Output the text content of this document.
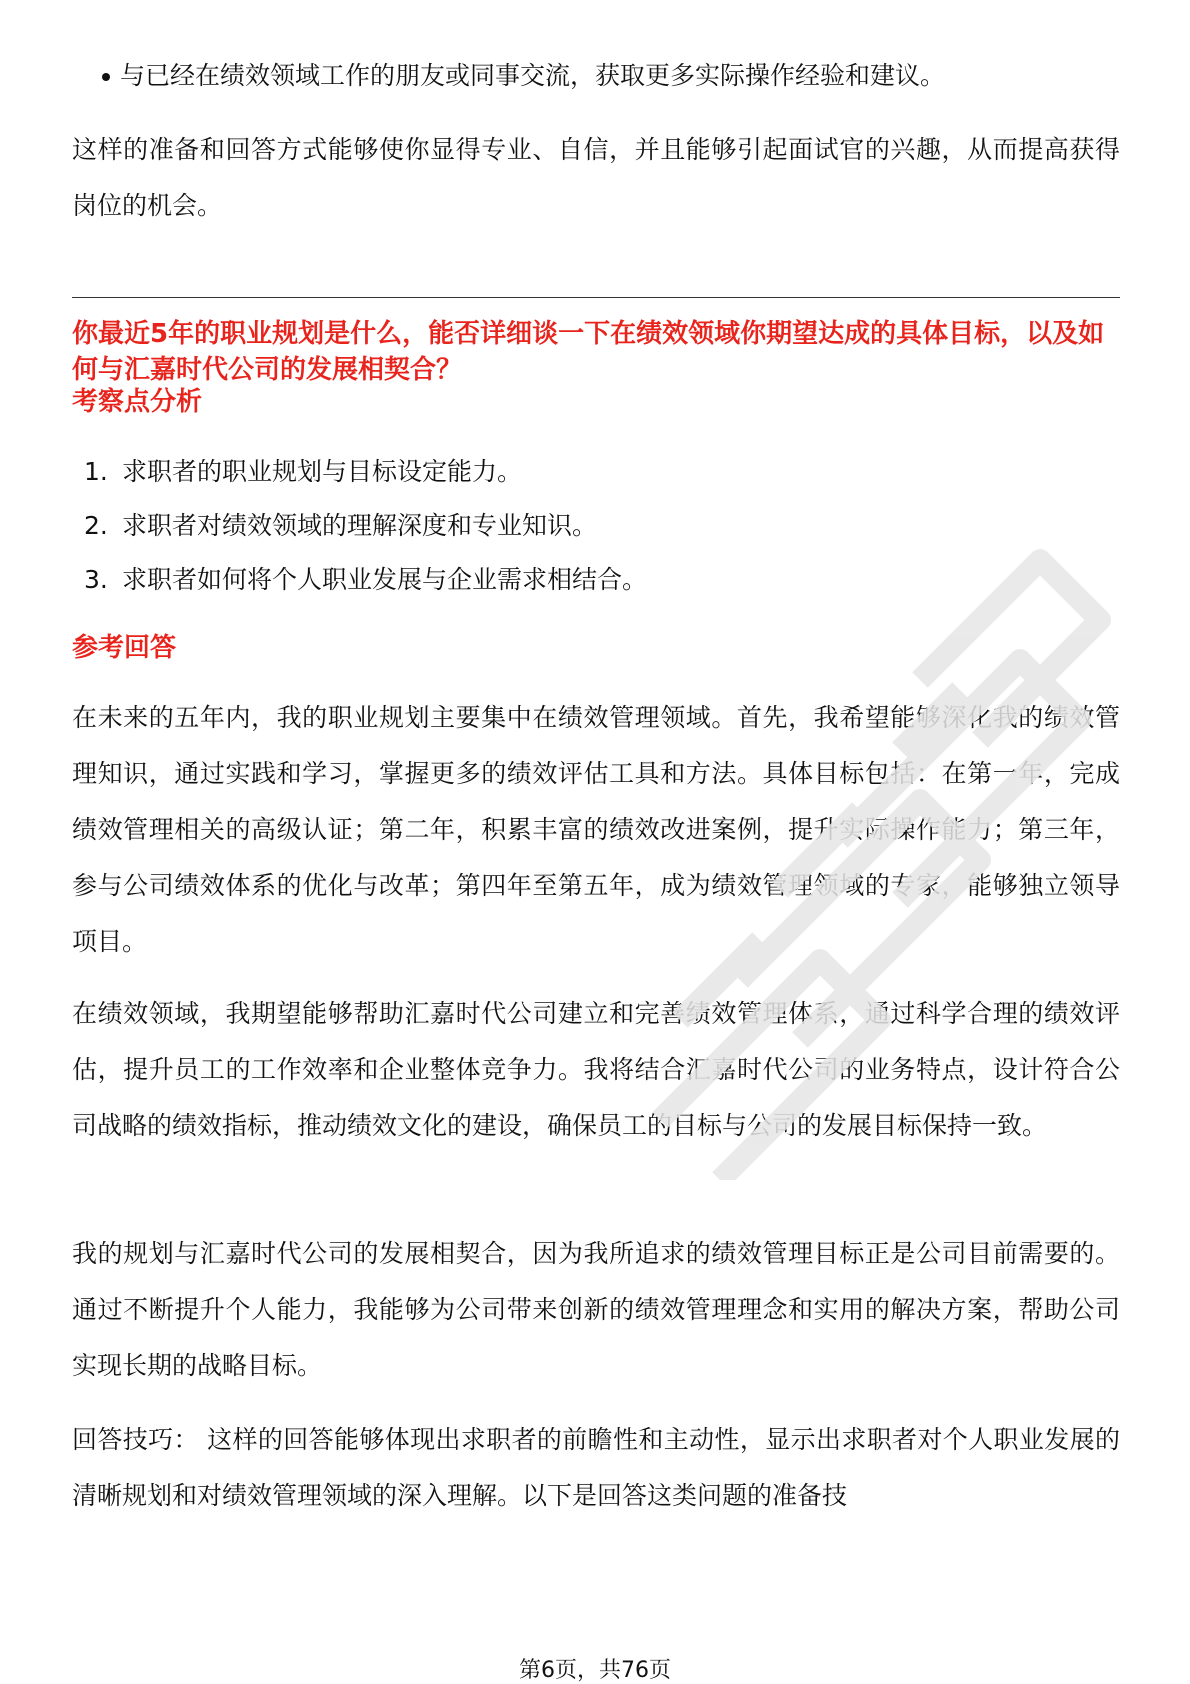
与已经在绩效领域工作的朋友或同事交流，获取更多实际操作经验和建议。
这样的准备和回答方式能够使你显得专业、自信，并且能够引起面试官的兴趣，从而提高获得岗位的机会。
你最近5年的职业规划是什么，能否详细谈一下在绩效领域你期望达成的具体目标，以及如何与汇嘉时代公司的发展相契合？
考察点分析
1. 求职者的职业规划与目标设定能力。
2. 求职者对绩效领域的理解深度和专业知识。
3. 求职者如何将个人职业发展与企业需求相结合。
参考回答
在未来的五年内，我的职业规划主要集中在绩效管理领域。首先，我希望能够深化我的绩效管理知识，通过实践和学习，掌握更多的绩效评估工具和方法。具体目标包括：在第一年，完成绩效管理相关的高级认证；第二年，积累丰富的绩效改进案例，提升实际操作能力；第三年，参与公司绩效体系的优化与改革；第四年至第五年，成为绩效管理领域的专家，能够独立领导项目。
在绩效领域，我期望能够帮助汇嘉时代公司建立和完善绩效管理体系，通过科学合理的绩效评估，提升员工的工作效率和企业整体竞争力。我将结合汇嘉时代公司的业务特点，设计符合公司战略的绩效指标，推动绩效文化的建设，确保员工的目标与公司的发展目标保持一致。
我的规划与汇嘉时代公司的发展相契合，因为我所追求的绩效管理目标正是公司目前需要的。通过不断提升个人能力，我能够为公司带来创新的绩效管理理念和实用的解决方案，帮助公司实现长期的战略目标。
回答技巧： 这样的回答能够体现出求职者的前瞻性和主动性，显示出求职者对个人职业发展的清晰规划和对绩效管理领域的深入理解。以下是回答这类问题的准备技
第6页，共76页
